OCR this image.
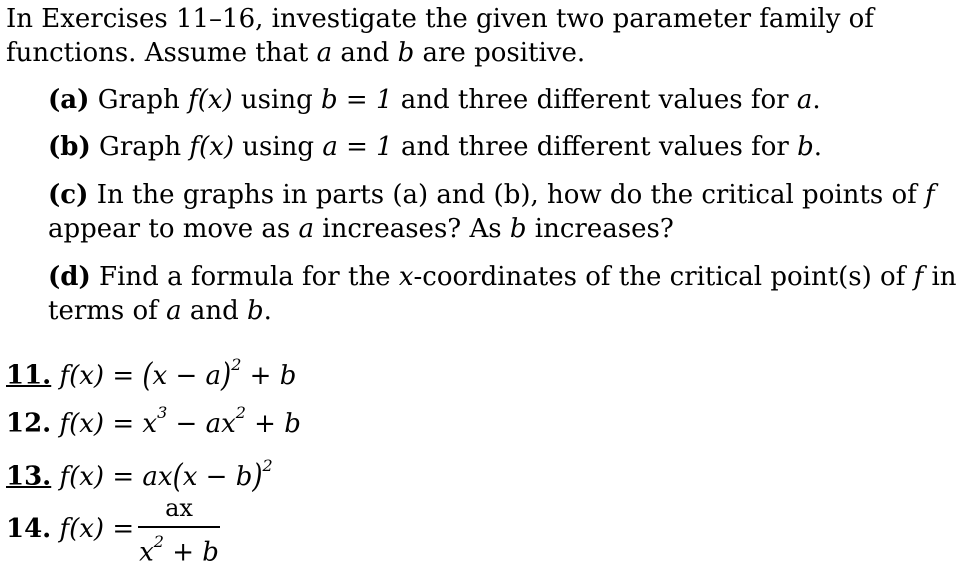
In Exercises 11–16, investigate the given two parameter family of
functions. Assume that a and b are positive.
(a) Graph f(x) using b = 1 and three different values for a.
(b) Graph f(x) using a = 1 and three different values for b.
(c) In the graphs in parts (a) and (b), how do the critical points of f
appear to move as a increases? As b increases?
(d) Find a formula for the x-coordinates of the critical point(s) of f in
terms of a and b.
11. $f(x) = (x - a)^2 + b$
12. $f(x) = x^3 - ax^2 + b$
13. $f(x) = ax(x - b)^2$
14. f(x) =
ax
$x^2 + b$
